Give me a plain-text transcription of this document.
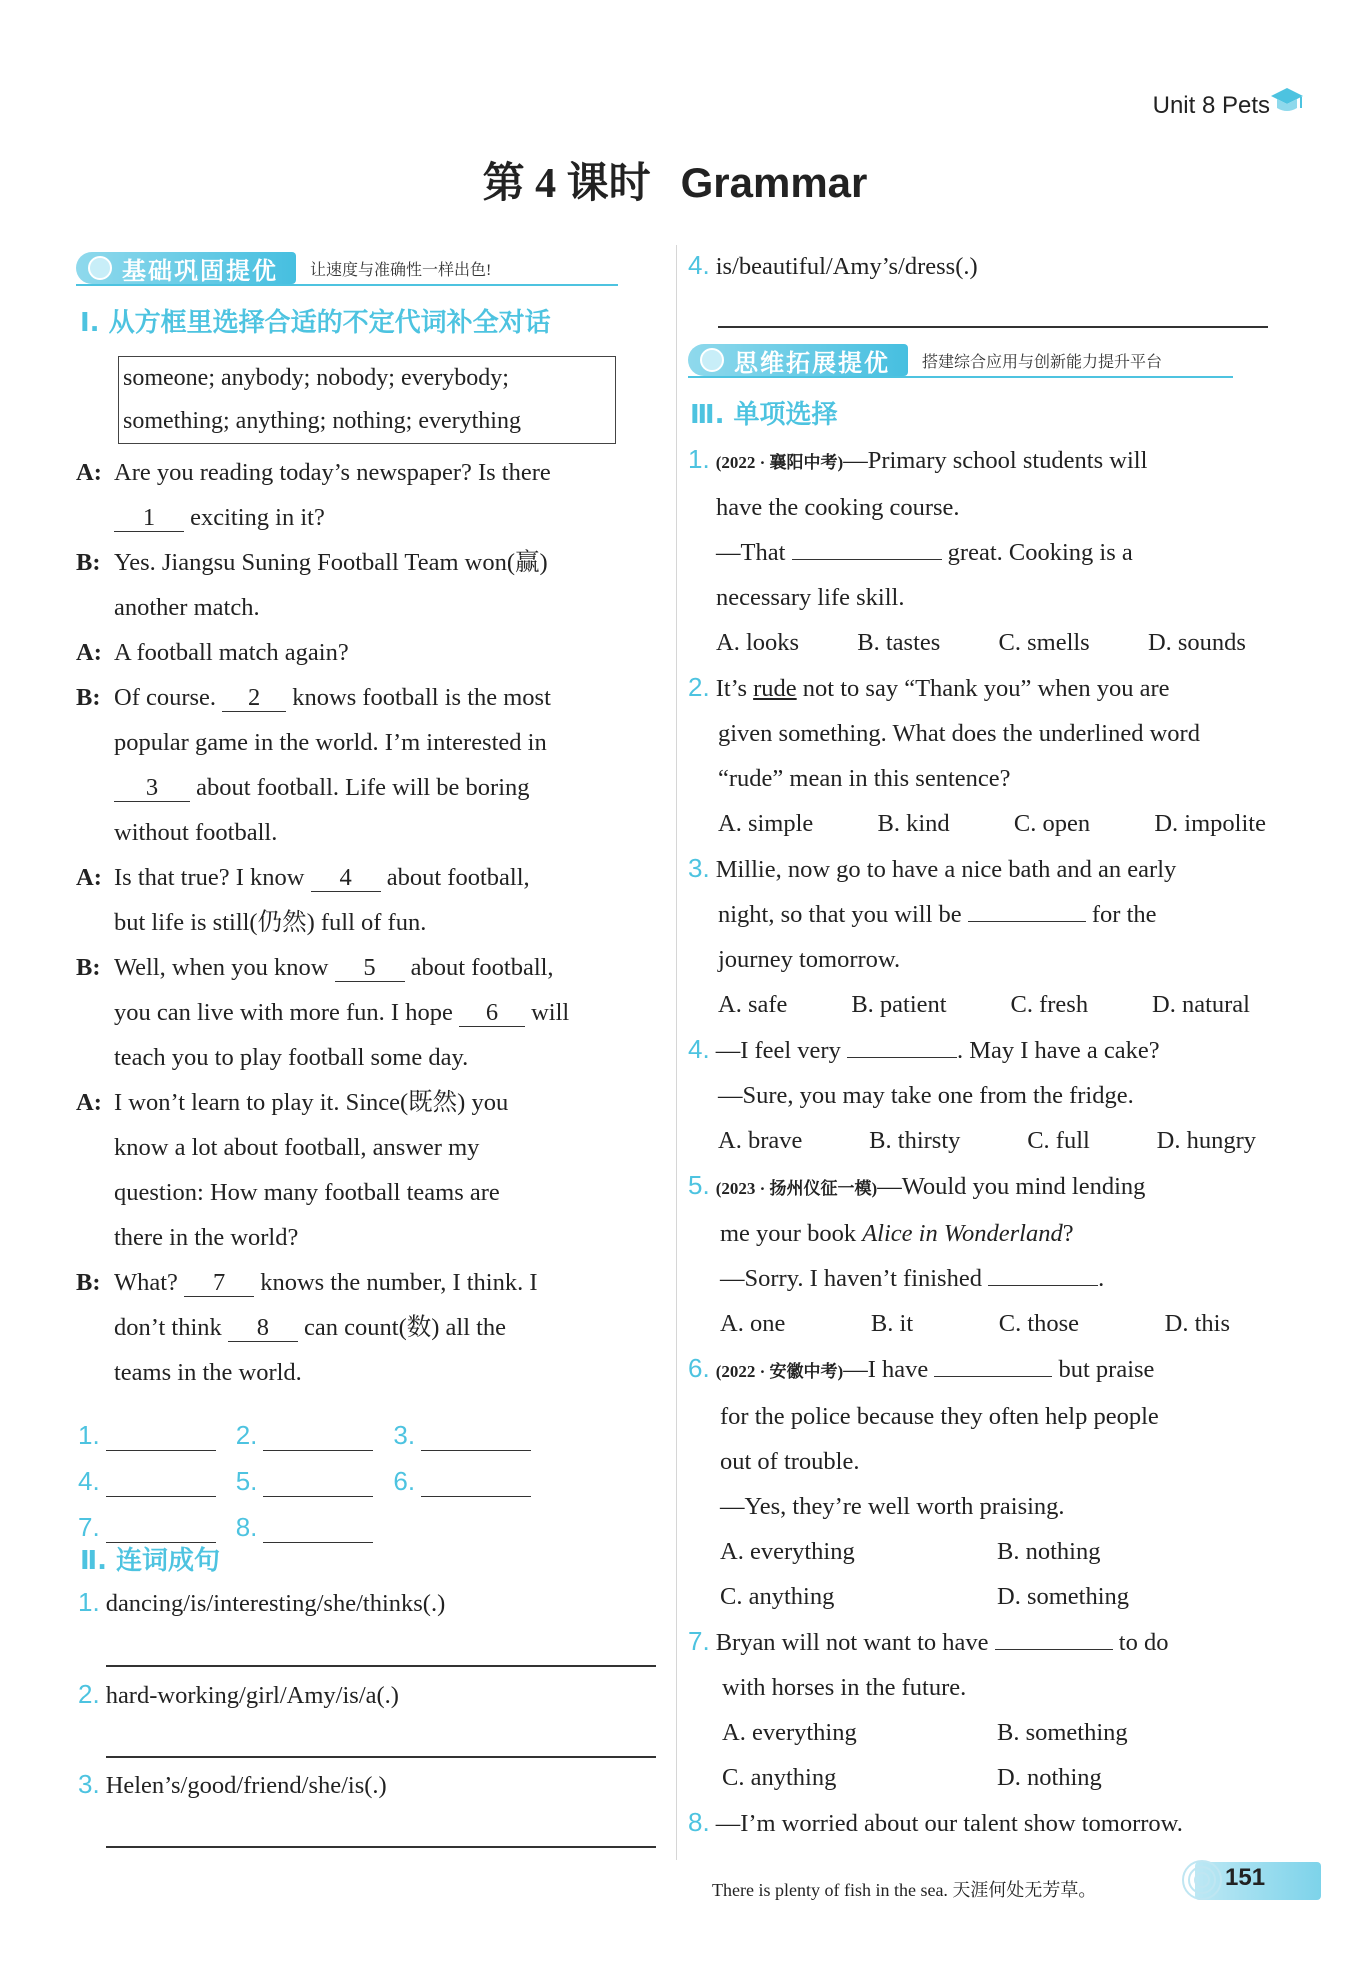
Unit 8 Pets
第 4 课时 Grammar
基础巩固提优 让速度与准确性一样出色!
Ⅰ. 从方框里选择合适的不定代词补全对话
someone; anybody; nobody; everybody;
something; anything; nothing; everything
A: Are you reading today’s newspaper? Is there
1 exciting in it?
B: Yes. Jiangsu Suning Football Team won(赢)
another match.
A: A football match again?
B: Of course. 2 knows football is the most
popular game in the world. I’m interested in
3 about football. Life will be boring
without football.
A: Is that true? I know 4 about football,
but life is still(仍然) full of fun.
B: Well, when you know 5 about football,
you can live with more fun. I hope 6 will
teach you to play football some day.
A: I won’t learn to play it. Since(既然) you
know a lot about football, answer my
question: How many football teams are
there in the world?
B: What? 7 knows the number, I think. I
don’t think 8 can count(数) all the
teams in the world.
1.	2.	3.
4.	5.	6.
7.	8.
Ⅱ. 连词成句
1. dancing/is/interesting/she/thinks(.)
2. hard-working/girl/Amy/is/a(.)
3. Helen’s/good/friend/she/is(.)
4. is/beautiful/Amy’s/dress(.)
思维拓展提优 搭建综合应用与创新能力提升平台
Ⅲ. 单项选择
1. (2022 · 襄阳中考)—Primary school students will
have the cooking course.
—That	great. Cooking is a
necessary life skill.
A. looks B. tastes C. smells D. sounds
2. It’s rude not to say “Thank you” when you are
given something. What does the underlined word
“rude” mean in this sentence?
A. simple	B. kind	C. open	D. impolite
3. Millie, now go to have a nice bath and an early
night, so that you will be	for the
journey tomorrow.
A. safe	B. patient	C. fresh	D. natural
4. —I feel very	. May I have a cake?
—Sure, you may take one from the fridge.
A. brave	B. thirsty	C. full	D. hungry
5. (2023 · 扬州仪征一模)—Would you mind lending
me your book Alice in Wonderland?
—Sorry. I haven’t finished	.
A. one	B. it	C. those	D. this
6. (2022 · 安徽中考)—I have	but praise
for the police because they often help people
out of trouble.
—Yes, they’re well worth praising.
A. everything	B. nothing
C. anything	D. something
7. Bryan will not want to have	to do
with horses in the future.
A. everything	B. something
C. anything	D. nothing
8. —I’m worried about our talent show tomorrow.
There is plenty of fish in the sea. 天涯何处无芳草。	151
